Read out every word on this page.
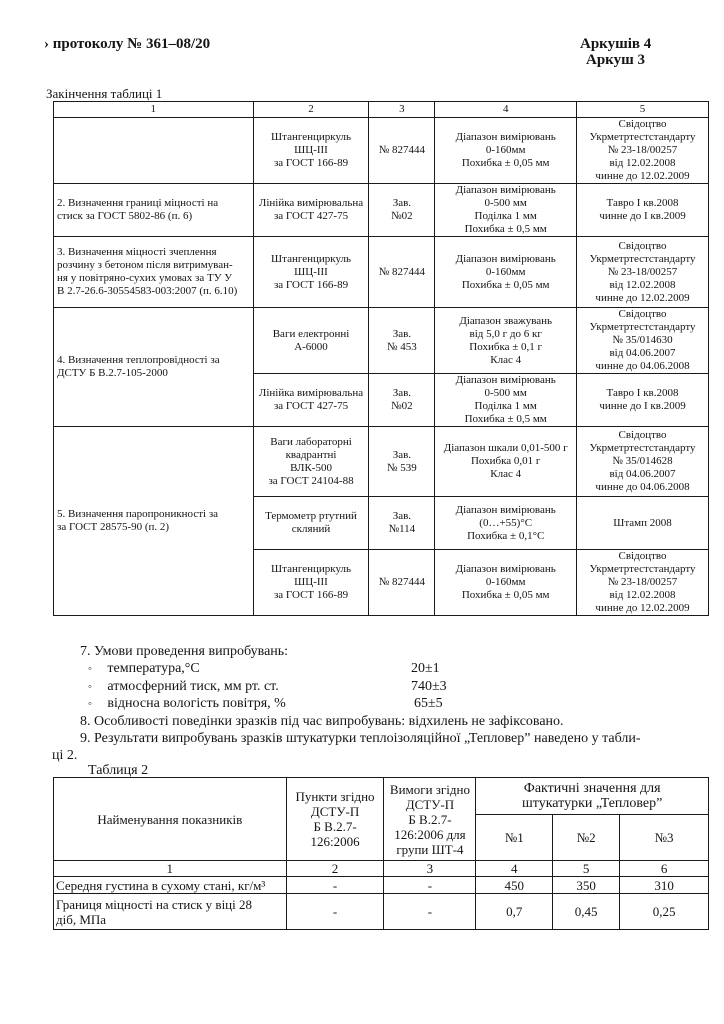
› протоколу № 361–08/20	Аркушів 4
Аркуш 3
Закінчення таблиці 1
1	2	3	4	5
	Штангенциркуль
ШЦ-ІІІ
за ГОСТ 166-89	№ 827444	Діапазон вимірювань
0-160мм
Похибка ± 0,05 мм	Свідоцтво
Укрметртестстандарту
№ 23-18/00257
від 12.02.2008
чинне до 12.02.2009
2. Визначення границі міцності на
стиск за ГОСТ 5802-86 (п. 6)	Лінійка вимірювальна
за ГОСТ 427-75	Зав.
№02	Діапазон вимірювань
0-500 мм
Поділка 1 мм
Похибка ± 0,5 мм	Тавро І кв.2008
чинне до І кв.2009
3. Визначення міцності зчеплення
розчину з бетоном після витримуван-
ня у повітряно-сухих умовах за ТУ У
В 2.7-26.6-30554583-003:2007 (п. 6.10)	Штангенциркуль
ШЦ-ІІІ
за ГОСТ 166-89	№ 827444	Діапазон вимірювань
0-160мм
Похибка ± 0,05 мм	Свідоцтво
Укрметртестстандарту
№ 23-18/00257
від 12.02.2008
чинне до 12.02.2009
4. Визначення теплопровідності за
ДСТУ Б В.2.7-105-2000	Ваги електронні
А-6000	Зав.
№ 453	Діапазон зважувань
від 5,0 г до 6 кг
Похибка ± 0,1 г
Клас 4	Свідоцтво
Укрметртестстандарту
№ 35/014630
від 04.06.2007
чинне до 04.06.2008
	Лінійка вимірювальна
за ГОСТ 427-75	Зав.
№02	Діапазон вимірювань
0-500 мм
Поділка 1 мм
Похибка ± 0,5 мм	Тавро І кв.2008
чинне до І кв.2009
5. Визначення паропроникності за
за ГОСТ 28575-90 (п. 2)	Ваги лабораторні
квадрантні
ВЛК-500
за ГОСТ 24104-88	Зав.
№ 539	Діапазон шкали 0,01-500 г
Похибка 0,01 г
Клас 4	Свідоцтво
Укрметртестстандарту
№ 35/014628
від 04.06.2007
чинне до 04.06.2008
	Термометр ртутний
скляний	Зав.
№114	Діапазон вимірювань
(0…+55)°С
Похибка ± 0,1°С	Штамп 2008
	Штангенциркуль
ШЦ-ІІІ
за ГОСТ 166-89	№ 827444	Діапазон вимірювань
0-160мм
Похибка ± 0,05 мм	Свідоцтво
Укрметртестстандарту
№ 23-18/00257
від 12.02.2008
чинне до 12.02.2009
7. Умови проведення випробувань:
◦ температура,°С	20±1
◦ атмосферний тиск, мм рт. ст.	740±3
◦ відносна вологість повітря, %	65±5
8. Особливості поведінки зразків під час випробувань: відхилень не зафіксовано.
9. Результати випробувань зразків штукатурки теплоізоляційної „Тепловер” наведено у табли-
ці 2.
Таблиця 2
Найменування показників	Пункти згідно
ДСТУ-П
Б В.2.7-
126:2006	Вимоги згідно
ДСТУ-П
Б В.2.7-
126:2006 для
групи ШТ-4	Фактичні значення для
штукатурки „Тепловер”		
			№1	№2	№3
1	2	3	4	5	6
Середня густина в сухому стані, кг/м³	-	-	450	350	310
Границя міцності на стиск у віці 28
діб, МПа	-	-	0,7	0,45	0,25
